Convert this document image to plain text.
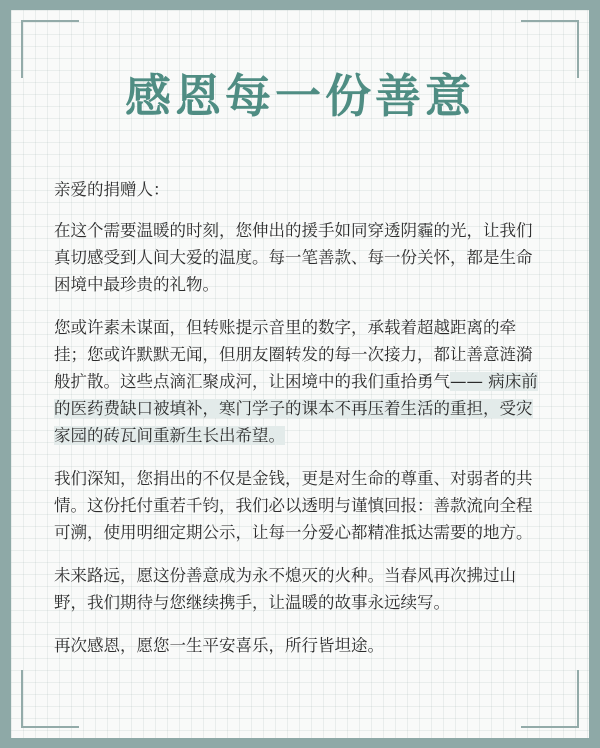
感恩每一份善意

亲爱的捐赠人：

在这个需要温暖的时刻，您伸出的援手如同穿透阴霾的光，让我们真切感受到人间大爱的温度。每一笔善款、每一份关怀，都是生命困境中最珍贵的礼物。

您或许素未谋面，但转账提示音里的数字，承载着超越距离的牵挂；您或许默默无闻，但朋友圈转发的每一次接力，都让善意涟漪般扩散。这些点滴汇聚成河，让困境中的我们重拾勇气—— 病床前的医药费缺口被填补，寒门学子的课本不再压着生活的重担，受灾家园的砖瓦间重新生长出希望。

我们深知，您捐出的不仅是金钱，更是对生命的尊重、对弱者的共情。这份托付重若千钧，我们必以透明与谨慎回报：善款流向全程可溯，使用明细定期公示，让每一分爱心都精准抵达需要的地方。

未来路远，愿这份善意成为永不熄灭的火种。当春风再次拂过山野，我们期待与您继续携手，让温暖的故事永远续写。

再次感恩，愿您一生平安喜乐，所行皆坦途。
